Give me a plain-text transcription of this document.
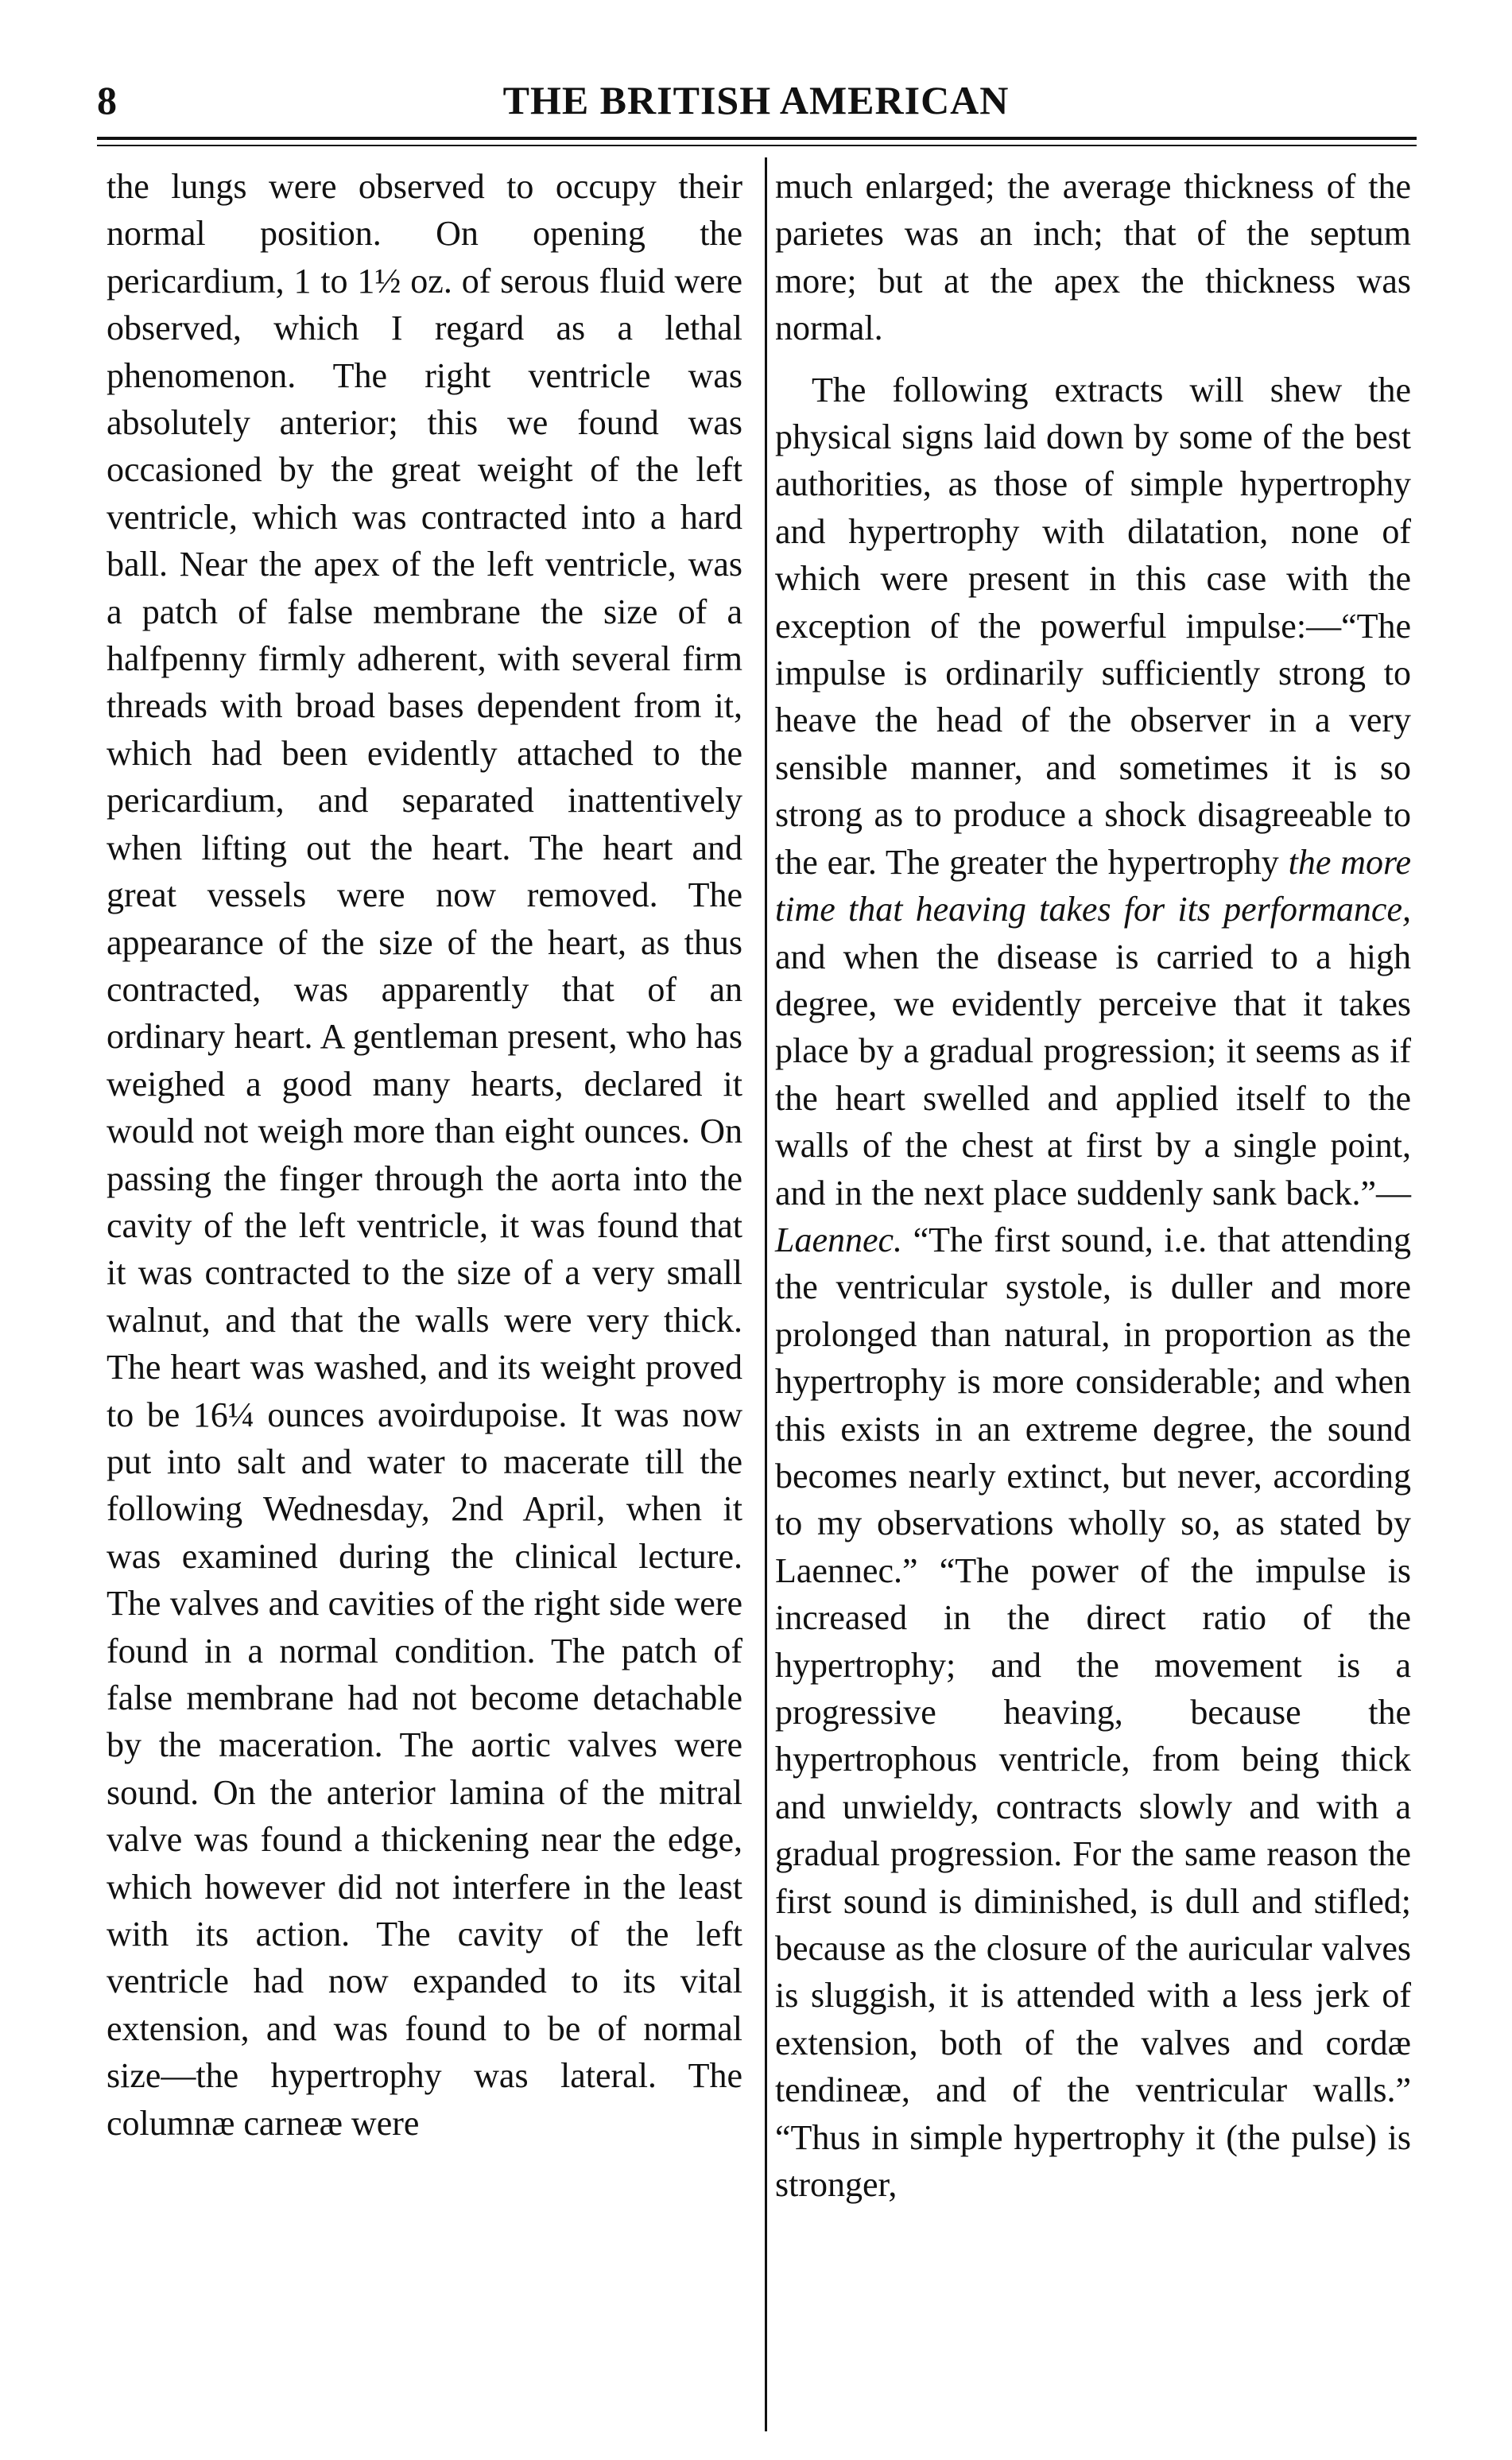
8	THE BRITISH AMERICAN

the lungs were observed to occupy their normal position. On opening the pericardium, 1 to 1½ oz. of serous fluid were observed, which I regard as a lethal phenomenon. The right ventricle was absolutely anterior; this we found was occasioned by the great weight of the left ventricle, which was contracted into a hard ball. Near the apex of the left ventricle, was a patch of false membrane the size of a halfpenny firmly adherent, with several firm threads with broad bases dependent from it, which had been evidently attached to the pericardium, and separated inattentively when lifting out the heart. The heart and great vessels were now removed. The appearance of the size of the heart, as thus contracted, was apparently that of an ordinary heart. A gentleman present, who has weighed a good many hearts, declared it would not weigh more than eight ounces. On passing the finger through the aorta into the cavity of the left ventricle, it was found that it was contracted to the size of a very small walnut, and that the walls were very thick. The heart was washed, and its weight proved to be 16¼ ounces avoirdupoise. It was now put into salt and water to macerate till the following Wednesday, 2nd April, when it was examined during the clinical lecture. The valves and cavities of the right side were found in a normal condition. The patch of false membrane had not become detachable by the maceration. The aortic valves were sound. On the anterior lamina of the mitral valve was found a thickening near the edge, which however did not interfere in the least with its action. The cavity of the left ventricle had now expanded to its vital extension, and was found to be of normal size—the hypertrophy was lateral. The columnæ carneæ were

much enlarged; the average thickness of the parietes was an inch; that of the septum more; but at the apex the thickness was normal.

The following extracts will shew the physical signs laid down by some of the best authorities, as those of simple hypertrophy and hypertrophy with dilatation, none of which were present in this case with the exception of the powerful impulse:—“The impulse is ordinarily sufficiently strong to heave the head of the observer in a very sensible manner, and sometimes it is so strong as to produce a shock disagreeable to the ear. The greater the hypertrophy the more time that heaving takes for its performance, and when the disease is carried to a high degree, we evidently perceive that it takes place by a gradual progression; it seems as if the heart swelled and applied itself to the walls of the chest at first by a single point, and in the next place suddenly sank back.”—Laennec. “The first sound, i.e. that attending the ventricular systole, is duller and more prolonged than natural, in proportion as the hypertrophy is more considerable; and when this exists in an extreme degree, the sound becomes nearly extinct, but never, according to my observations wholly so, as stated by Laennec.” “The power of the impulse is increased in the direct ratio of the hypertrophy; and the movement is a progressive heaving, because the hypertrophous ventricle, from being thick and unwieldy, contracts slowly and with a gradual progression. For the same reason the first sound is diminished, is dull and stifled; because as the closure of the auricular valves is sluggish, it is attended with a less jerk of extension, both of the valves and cordæ tendineæ, and of the ventricular walls.” “Thus in simple hypertrophy it (the pulse) is stronger,
